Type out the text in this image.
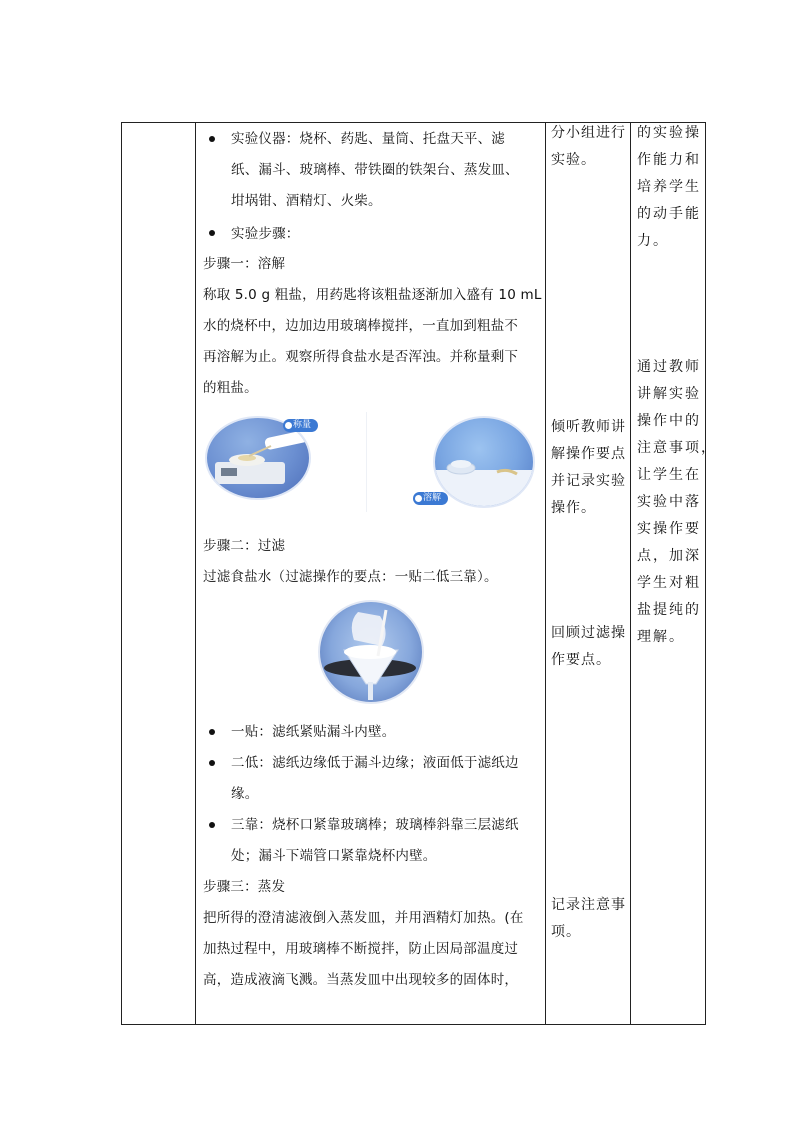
实验仪器：烧杯、药匙、量筒、托盘天平、滤
纸、漏斗、玻璃棒、带铁圈的铁架台、蒸发皿、
坩埚钳、酒精灯、火柴。
实验步骤：
步骤一：溶解
称取 5.0 g 粗盐，用药匙将该粗盐逐渐加入盛有 10 mL
水的烧杯中，边加边用玻璃棒搅拌，一直加到粗盐不
再溶解为止。观察所得食盐水是否浑浊。并称量剩下
的粗盐。
称量
溶解
步骤二：过滤
过滤食盐水（过滤操作的要点：一贴二低三靠）。
一贴：滤纸紧贴漏斗内壁。
二低：滤纸边缘低于漏斗边缘；液面低于滤纸边
缘。
三靠：烧杯口紧靠玻璃棒；玻璃棒斜靠三层滤纸
处；漏斗下端管口紧靠烧杯内壁。
步骤三：蒸发
把所得的澄清滤液倒入蒸发皿，并用酒精灯加热。(在
加热过程中，用玻璃棒不断搅拌，防止因局部温度过
高，造成液滴飞溅。当蒸发皿中出现较多的固体时，
分小组进行
实验。
倾听教师讲
解操作要点
并记录实验
操作。
回顾过滤操
作要点。
记录注意事
项。
的实验操
作能力和
培养学生
的动手能
力。
通过教师
讲解实验
操作中的
注意事项，
让学生在
实验中落
实操作要
点，加深
学生对粗
盐提纯的
理解。
